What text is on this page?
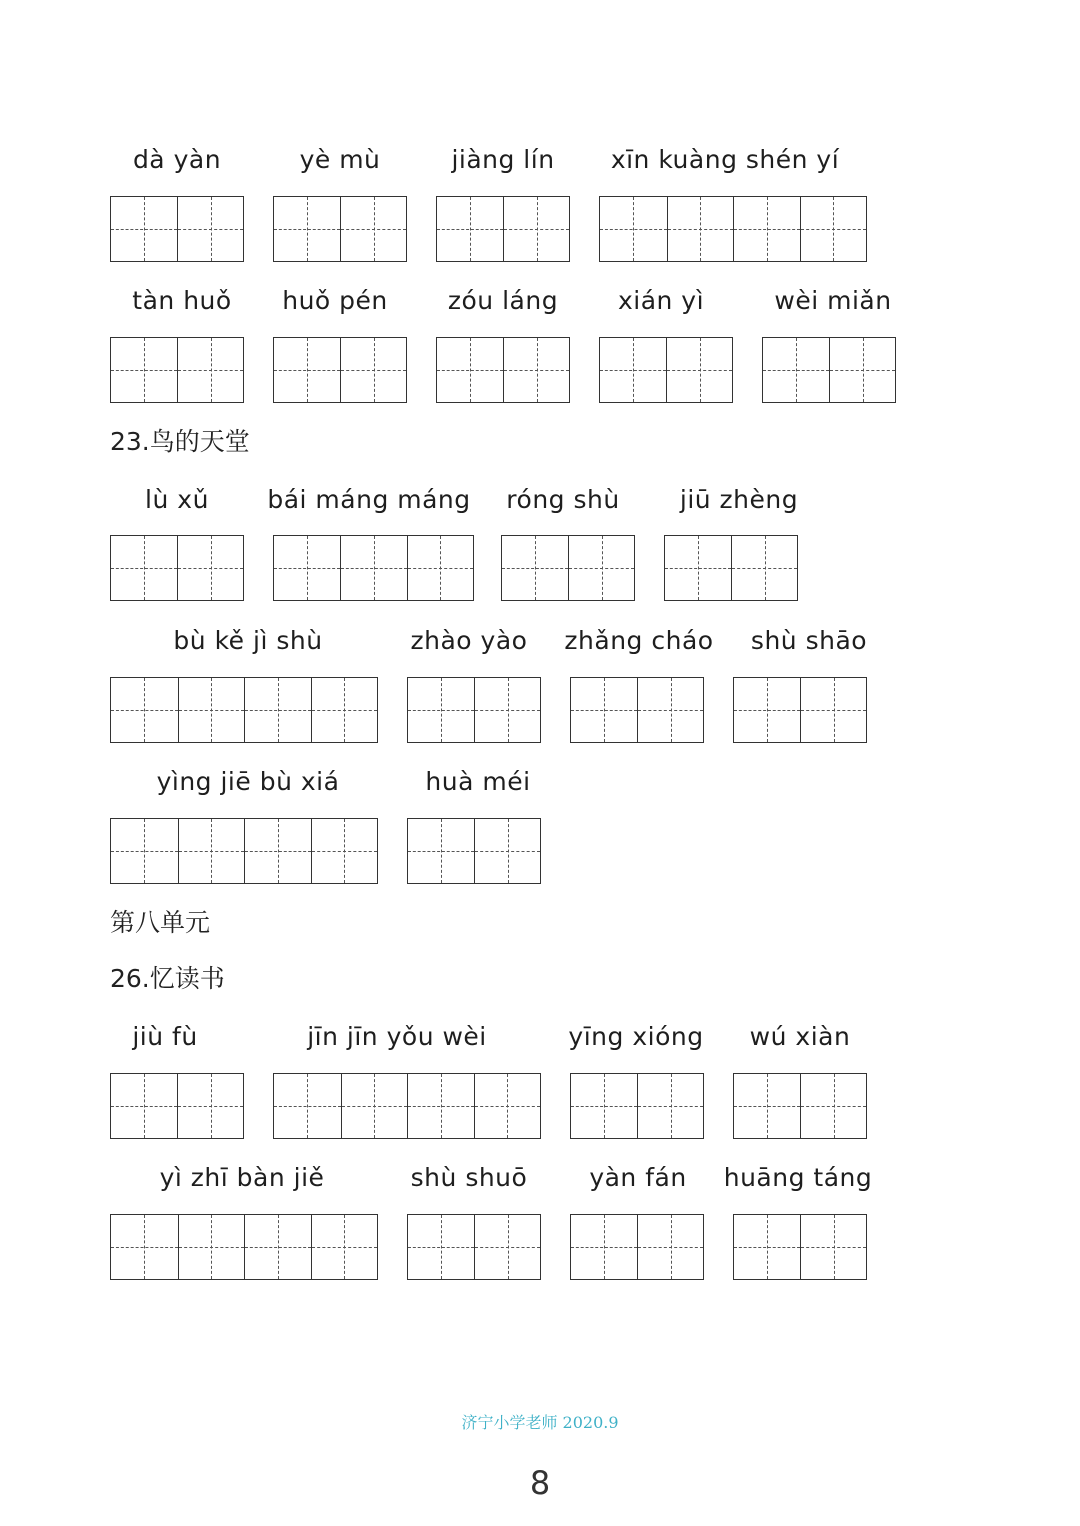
dà yàn	yè mù	jiàng lín	xīn kuàng shén yí
tàn huǒ	huǒ pén	zóu láng	xián yì	wèi miǎn
23.鸟的天堂
lù xǔ	bái máng máng	róng shù	jiū zhèng
bù kě jì shù	zhào yào	zhǎng cháo	shù shāo
yìng jiē bù xiá	huà méi
第八单元
26.忆读书
jiù fù	jīn jīn yǒu wèi	yīng xióng	wú xiàn
yì zhī bàn jiě	shù shuō	yàn fán	huāng táng
济宁小学老师 2020.9
8
